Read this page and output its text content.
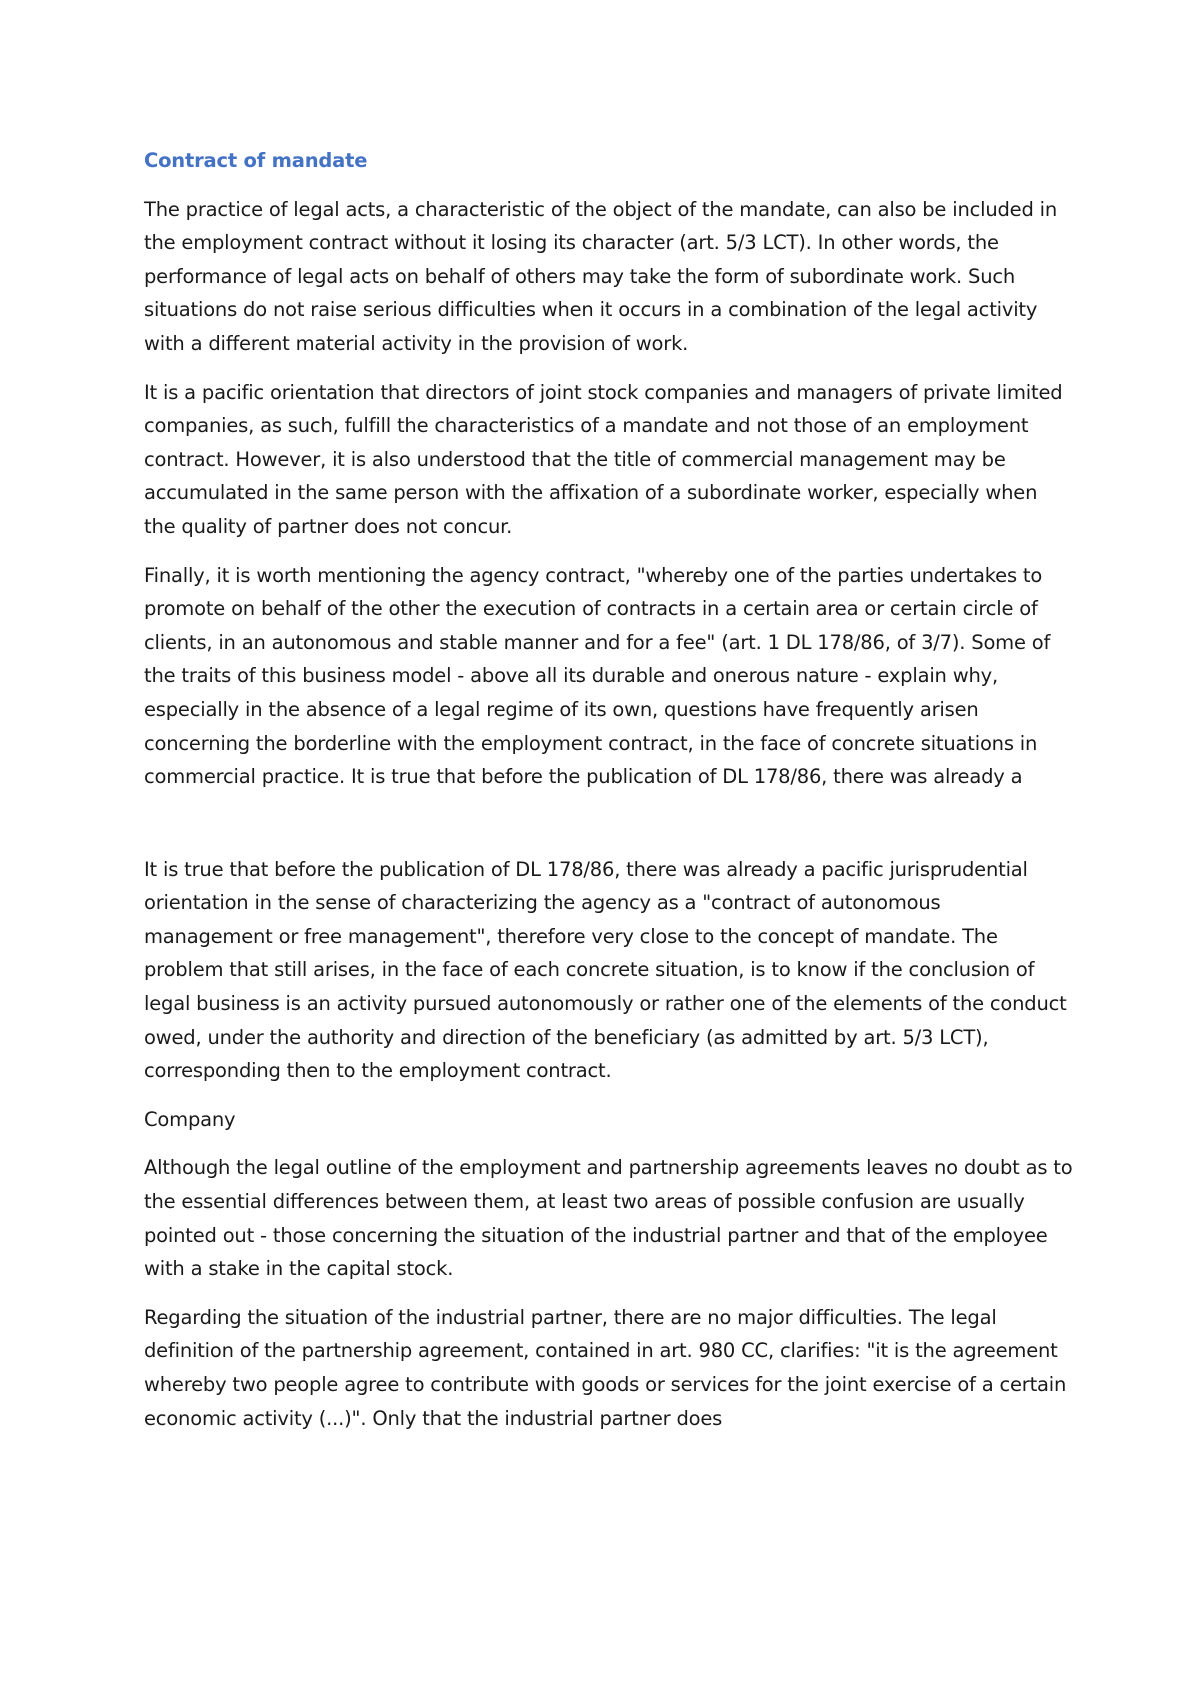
Contract of mandate

The practice of legal acts, a characteristic of the object of the mandate, can also be included in the employment contract without it losing its character (art. 5/3 LCT). In other words, the performance of legal acts on behalf of others may take the form of subordinate work. Such situations do not raise serious difficulties when it occurs in a combination of the legal activity with a different material activity in the provision of work.

It is a pacific orientation that directors of joint stock companies and managers of private limited companies, as such, fulfill the characteristics of a mandate and not those of an employment contract. However, it is also understood that the title of commercial management may be accumulated in the same person with the affixation of a subordinate worker, especially when the quality of partner does not concur.

Finally, it is worth mentioning the agency contract, "whereby one of the parties undertakes to promote on behalf of the other the execution of contracts in a certain area or certain circle of clients, in an autonomous and stable manner and for a fee" (art. 1 DL 178/86, of 3/7). Some of the traits of this business model - above all its durable and onerous nature - explain why, especially in the absence of a legal regime of its own, questions have frequently arisen concerning the borderline with the employment contract, in the face of concrete situations in commercial practice. It is true that before the publication of DL 178/86, there was already a

It is true that before the publication of DL 178/86, there was already a pacific jurisprudential orientation in the sense of characterizing the agency as a "contract of autonomous management or free management", therefore very close to the concept of mandate. The problem that still arises, in the face of each concrete situation, is to know if the conclusion of legal business is an activity pursued autonomously or rather one of the elements of the conduct owed, under the authority and direction of the beneficiary (as admitted by art. 5/3 LCT), corresponding then to the employment contract.

Company

Although the legal outline of the employment and partnership agreements leaves no doubt as to the essential differences between them, at least two areas of possible confusion are usually pointed out - those concerning the situation of the industrial partner and that of the employee with a stake in the capital stock.

Regarding the situation of the industrial partner, there are no major difficulties. The legal definition of the partnership agreement, contained in art. 980 CC, clarifies: "it is the agreement whereby two people agree to contribute with goods or services for the joint exercise of a certain economic activity (...)". Only that the industrial partner does
